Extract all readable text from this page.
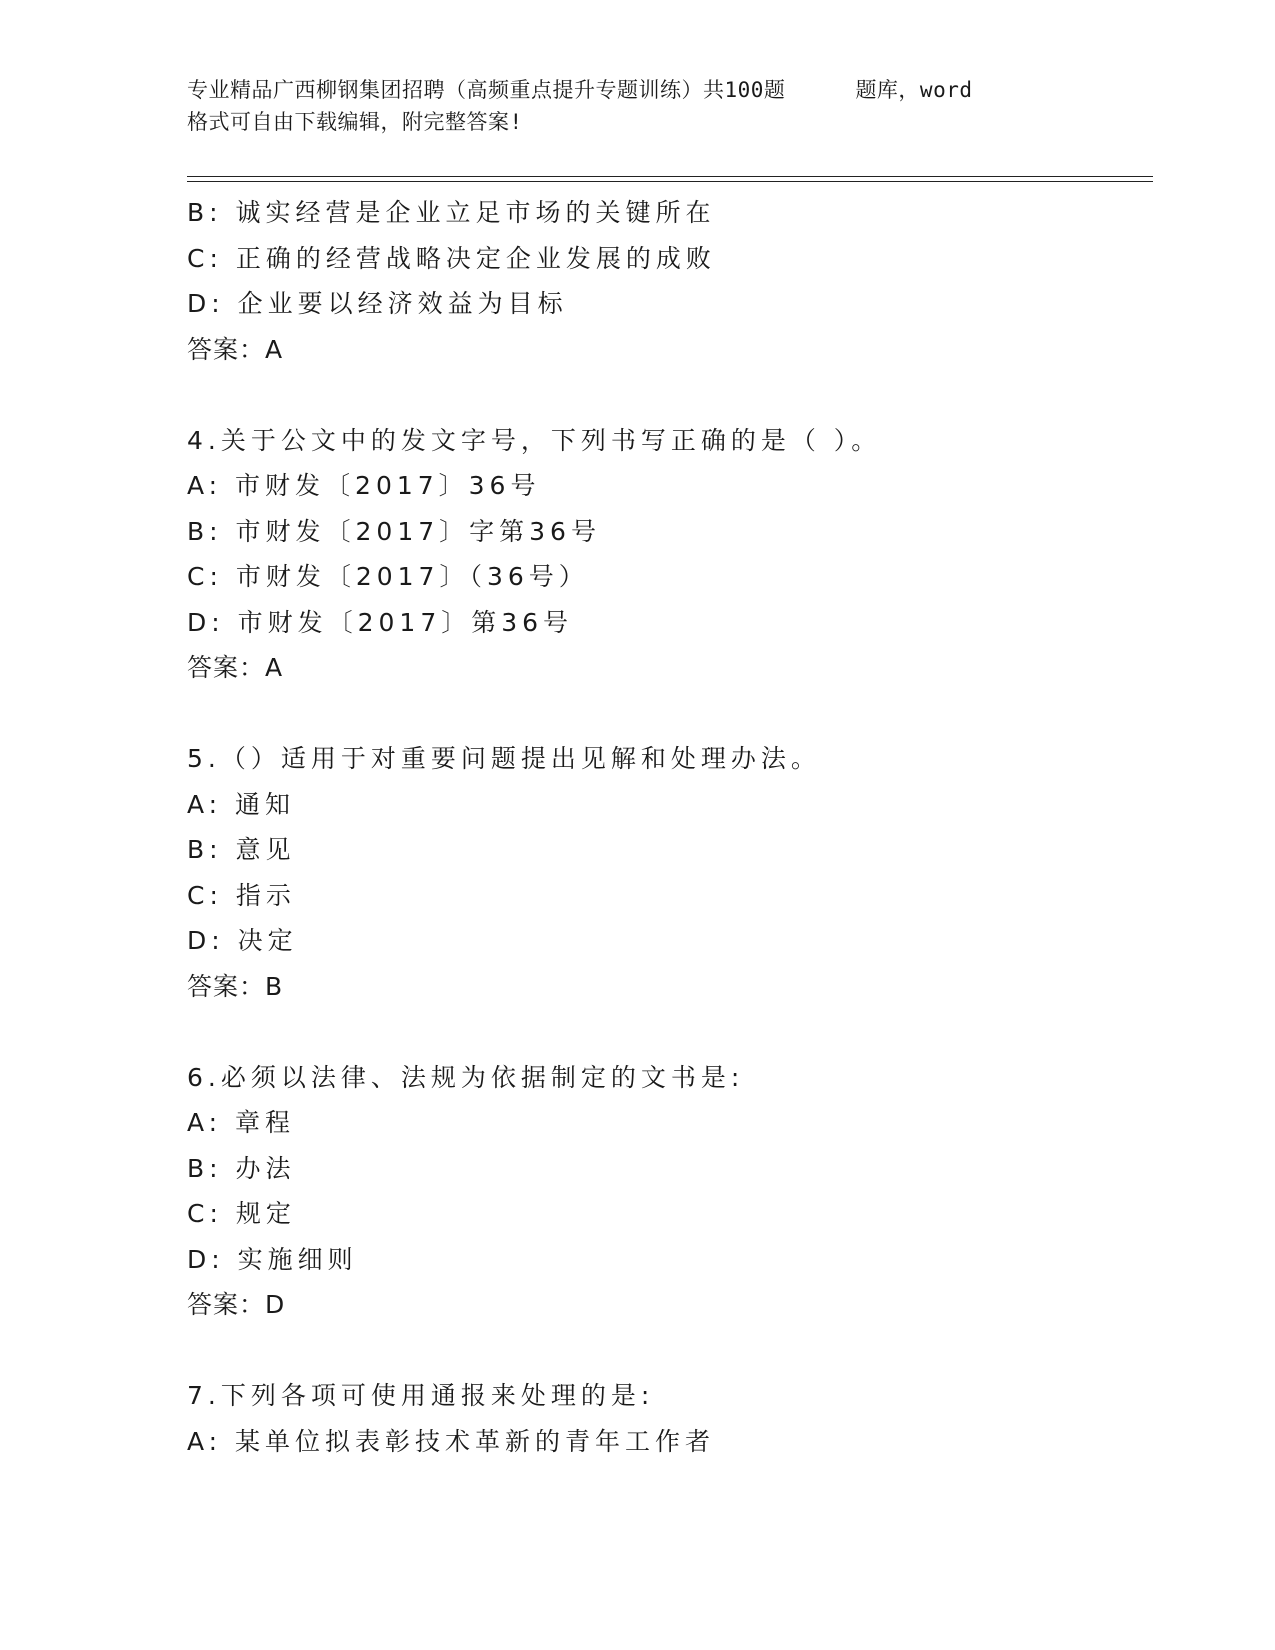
专业精品广西柳钢集团招聘（高频重点提升专题训练）共100题	题库，word
格式可自由下载编辑，附完整答案!
B: 诚实经营是企业立足市场的关键所在
C: 正确的经营战略决定企业发展的成败
D: 企业要以经济效益为目标
答案：A
4.关于公文中的发文字号，下列书写正确的是（ ）。
A: 市财发〔2017〕36号
B: 市财发〔2017〕字第36号
C: 市财发〔2017〕（36号）
D: 市财发〔2017〕第36号
答案：A
5.（）适用于对重要问题提出见解和处理办法。
A: 通知
B: 意见
C: 指示
D: 决定
答案：B
6.必须以法律、法规为依据制定的文书是:
A: 章程
B: 办法
C: 规定
D: 实施细则
答案：D
7.下列各项可使用通报来处理的是:
A: 某单位拟表彰技术革新的青年工作者
